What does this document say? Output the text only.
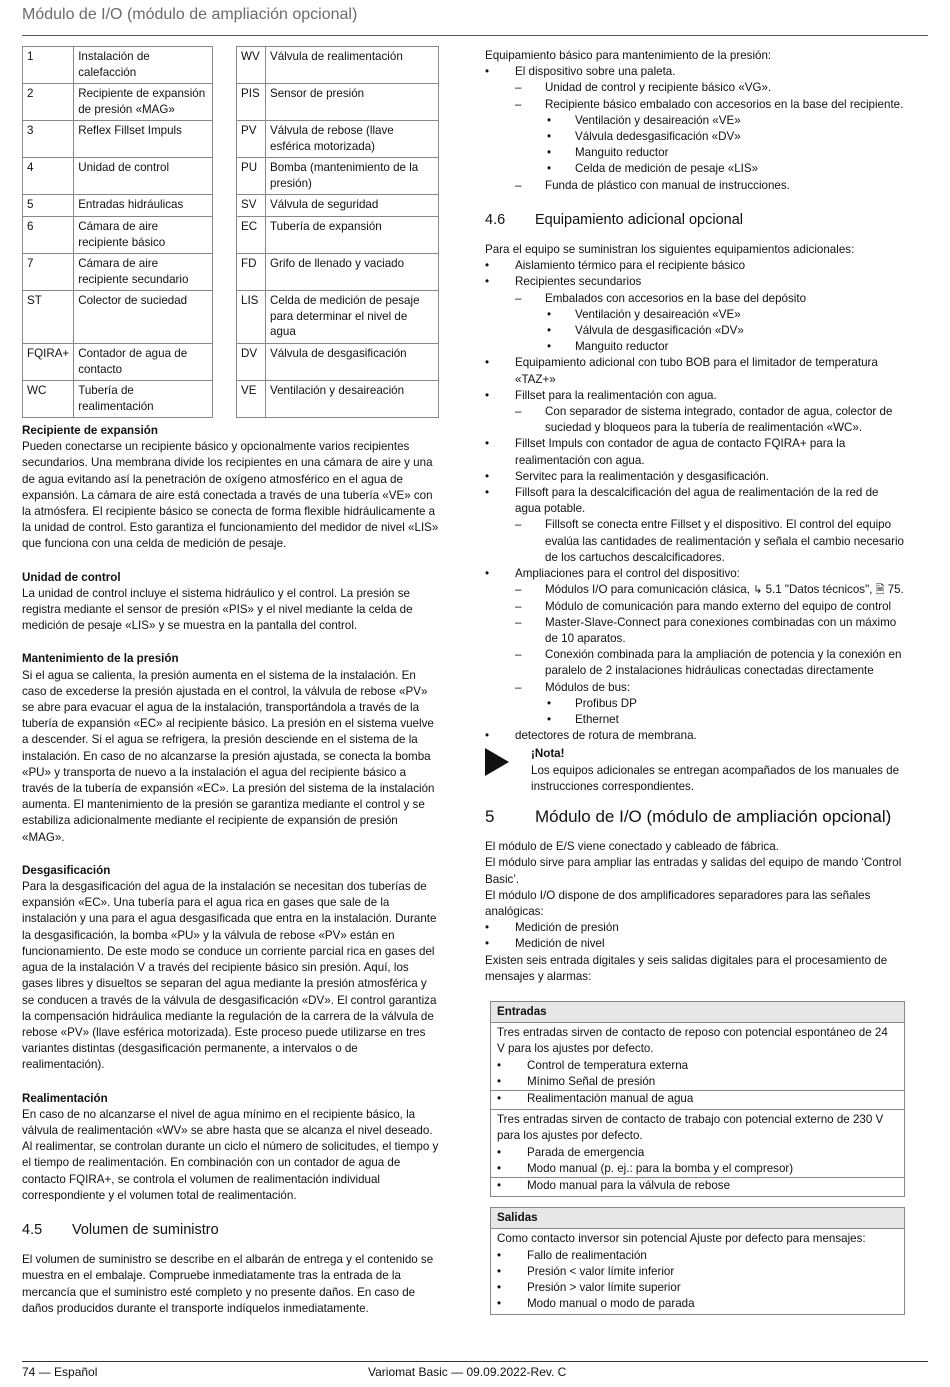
Módulo de I/O (módulo de ampliación opcional)
1	Instalación de calefacción
2	Recipiente de expansión de presión «MAG»
3	Reflex Fillset Impuls
4	Unidad de control
5	Entradas hidráulicas
6	Cámara de aire recipiente básico
7	Cámara de aire recipiente secundario
ST	Colector de suciedad
FQIRA+	Contador de agua de contacto
WC	Tubería de realimentación
WV	Válvula de realimentación
PIS	Sensor de presión
PV	Válvula de rebose (llave esférica motorizada)
PU	Bomba (mantenimiento de la presión)
SV	Válvula de seguridad
EC	Tubería de expansión
FD	Grifo de llenado y vaciado
LIS	Celda de medición de pesaje para determinar el nivel de agua
DV	Válvula de desgasificación
VE	Ventilación y desaireación

Recipiente de expansión

Pueden conectarse un recipiente básico y opcionalmente varios recipientes secundarios. Una membrana divide los recipientes en una cámara de aire y una de agua evitando así la penetración de oxígeno atmosférico en el agua de expansión. La cámara de aire está conectada a través de una tubería «VE» con la atmósfera. El recipiente básico se conecta de forma flexible hidráulicamente a la unidad de control. Esto garantiza el funcionamiento del medidor de nivel «LIS» que funciona con una celda de medición de pesaje.

Unidad de control

La unidad de control incluye el sistema hidráulico y el control. La presión se registra mediante el sensor de presión «PIS» y el nivel mediante la celda de medición de pesaje «LIS» y se muestra en la pantalla del control.

Mantenimiento de la presión

Si el agua se calienta, la presión aumenta en el sistema de la instalación. En caso de excederse la presión ajustada en el control, la válvula de rebose «PV» se abre para evacuar el agua de la instalación, transportándola a través de la tubería de expansión «EC» al recipiente básico. La presión en el sistema vuelve a descender. Si el agua se refrigera, la presión desciende en el sistema de la instalación. En caso de no alcanzarse la presión ajustada, se conecta la bomba «PU» y transporta de nuevo a la instalación el agua del recipiente básico a través de la tubería de expansión «EC». La presión del sistema de la instalación aumenta. El mantenimiento de la presión se garantiza mediante el control y se estabiliza adicionalmente mediante el recipiente de expansión de presión «MAG».

Desgasificación

Para la desgasificación del agua de la instalación se necesitan dos tuberías de expansión «EC». Una tubería para el agua rica en gases que sale de la instalación y una para el agua desgasificada que entra en la instalación. Durante la desgasificación, la bomba «PU» y la válvula de rebose «PV» están en funcionamiento. De este modo se conduce un corriente parcial rica en gases del agua de la instalación V a través del recipiente básico sin presión. Aquí, los gases libres y disueltos se separan del agua mediante la presión atmosférica y se conducen a través de la válvula de desgasificación «DV». El control garantiza la compensación hidráulica mediante la regulación de la carrera de la válvula de rebose «PV» (llave esférica motorizada). Este proceso puede utilizarse en tres variantes distintas (desgasificación permanente, a intervalos o de realimentación).

Realimentación

En caso de no alcanzarse el nivel de agua mínimo en el recipiente básico, la válvula de realimentación «WV» se abre hasta que se alcanza el nivel deseado. Al realimentar, se controlan durante un ciclo el número de solicitudes, el tiempo y el tiempo de realimentación. En combinación con un contador de agua de contacto FQIRA+, se controla el volumen de realimentación individual correspondiente y el volumen total de realimentación.

4.5 Volumen de suministro

El volumen de suministro se describe en el albarán de entrega y el contenido se muestra en el embalaje. Compruebe inmediatamente tras la entrada de la mercancía que el suministro esté completo y no presente daños. En caso de daños producidos durante el transporte indíquelos inmediatamente.

Equipamiento básico para mantenimiento de la presión:

• El dispositivo sobre una paleta.
– Unidad de control y recipiente básico «VG».
– Recipiente básico embalado con accesorios en la base del recipiente.
• Ventilación y desaireación «VE»
• Válvula dedesgasificación «DV»
• Manguito reductor
• Celda de medición de pesaje «LIS»
– Funda de plástico con manual de instrucciones.
4.6 Equipamiento adicional opcional

Para el equipo se suministran los siguientes equipamientos adicionales:

• Aislamiento térmico para el recipiente básico
• Recipientes secundarios
– Embalados con accesorios en la base del depósito
• Ventilación y desaireación «VE»
• Válvula de desgasificación «DV»
• Manguito reductor
• Equipamiento adicional con tubo BOB para el limitador de temperatura «TAZ+»
• Fillset para la realimentación con agua.
– Con separador de sistema integrado, contador de agua, colector de suciedad y bloqueos para la tubería de realimentación «WC».
• Fillset Impuls con contador de agua de contacto FQIRA+ para la realimentación con agua.
• Servitec para la realimentación y desgasificación.
• Fillsoft para la descalcificación del agua de realimentación de la red de agua potable.
– Fillsoft se conecta entre Fillset y el dispositivo. El control del equipo evalúa las cantidades de realimentación y señala el cambio necesario de los cartuchos descalcificadores.
• Ampliaciones para el control del dispositivo:
– Módulos I/O para comunicación clásica, ↳ 5.1 "Datos técnicos", 🗎 75.
– Módulo de comunicación para mando externo del equipo de control
– Master-Slave-Connect para conexiones combinadas con un máximo de 10 aparatos.
– Conexión combinada para la ampliación de potencia y la conexión en paralelo de 2 instalaciones hidráulicas conectadas directamente
– Módulos de bus:
• Profibus DP
• Ethernet
• detectores de rotura de membrana.

¡Nota!

Los equipos adicionales se entregan acompañados de los manuales de instrucciones correspondientes.

5 Módulo de I/O (módulo de ampliación opcional)

El módulo de E/S viene conectado y cableado de fábrica.

El módulo sirve para ampliar las entradas y salidas del equipo de mando ‘Control Basic’.

El módulo I/O dispone de dos amplificadores separadores para las señales analógicas:

• Medición de presión
• Medición de nivel

Existen seis entrada digitales y seis salidas digitales para el procesamiento de mensajes y alarmas:

Entradas

Tres entradas sirven de contacto de reposo con potencial espontáneo de 24 V para los ajustes por defecto.

• Control de temperatura externa
• Mínimo Señal de presión
• Realimentación manual de agua

Tres entradas sirven de contacto de trabajo con potencial externo de 230 V para los ajustes por defecto.

• Parada de emergencia
• Modo manual (p. ej.: para la bomba y el compresor)
• Modo manual para la válvula de rebose
Salidas

Como contacto inversor sin potencial Ajuste por defecto para mensajes:

• Fallo de realimentación
• Presión < valor límite inferior
• Presión > valor límite superior
• Modo manual o modo de parada
74 — Español	Variomat Basic — 09.09.2022-Rev. C
